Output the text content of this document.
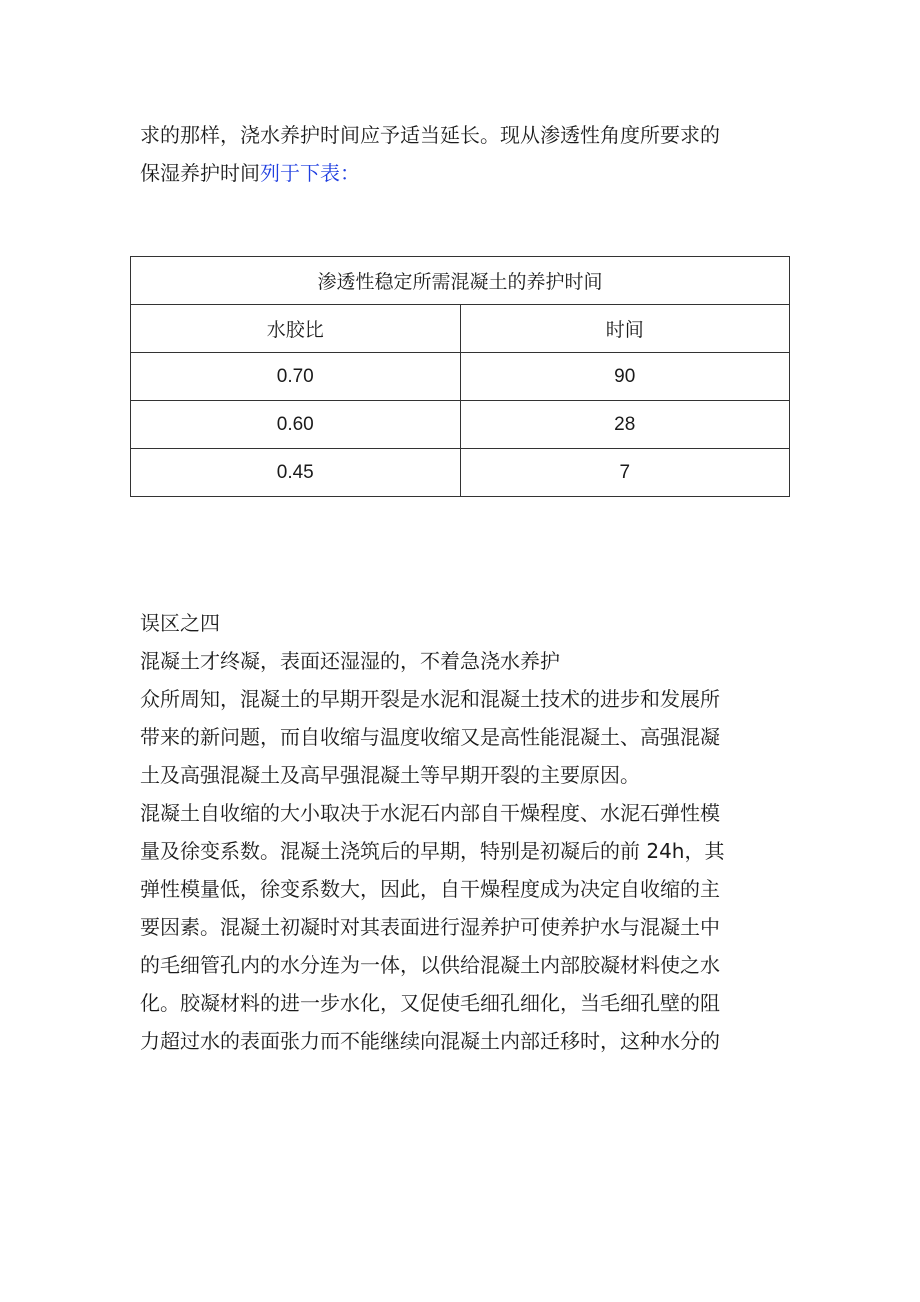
求的那样，浇水养护时间应予适当延长。现从渗透性角度所要求的
保湿养护时间列于下表：
渗透性稳定所需混凝土的养护时间	
水胶比	时间
0.70	90
0.60	28
0.45	7
误区之四
混凝土才终凝，表面还湿湿的，不着急浇水养护
众所周知，混凝土的早期开裂是水泥和混凝土技术的进步和发展所
带来的新问题，而自收缩与温度收缩又是高性能混凝土、高强混凝
土及高强混凝土及高早强混凝土等早期开裂的主要原因。
混凝土自收缩的大小取决于水泥石内部自干燥程度、水泥石弹性模
量及徐变系数。混凝土浇筑后的早期，特别是初凝后的前 24h，其
弹性模量低，徐变系数大，因此，自干燥程度成为决定自收缩的主
要因素。混凝土初凝时对其表面进行湿养护可使养护水与混凝土中
的毛细管孔内的水分连为一体，以供给混凝土内部胶凝材料使之水
化。胶凝材料的进一步水化，又促使毛细孔细化，当毛细孔壁的阻
力超过水的表面张力而不能继续向混凝土内部迁移时，这种水分的
